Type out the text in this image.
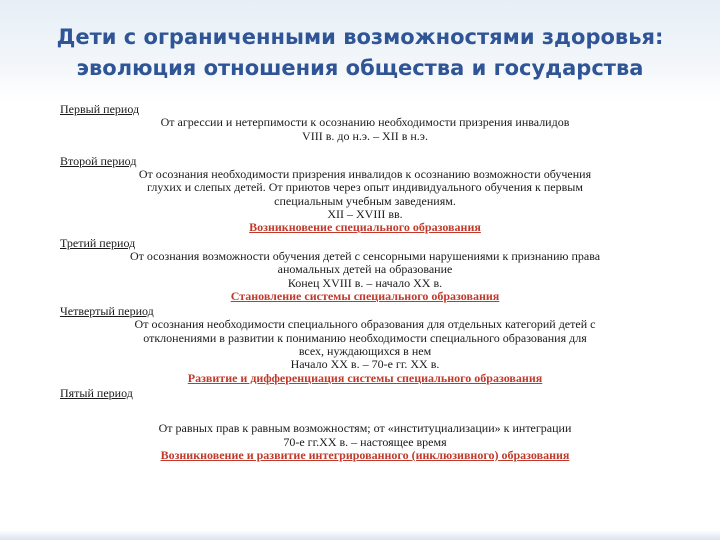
Дети с ограниченными возможностями здоровья:
эволюция отношения общества и государства
Первый период
От агрессии и нетерпимости к осознанию необходимости призрения инвалидов
VIII в. до н.э. – XII в н.э.
Второй период
От осознания необходимости призрения инвалидов к осознанию возможности обучения
глухих и слепых детей. От приютов через опыт индивидуального обучения к первым
специальным учебным заведениям.
XII – XVIII вв.
Возникновение специального образования
Третий период
От осознания возможности обучения детей с сенсорными нарушениями к признанию права
аномальных детей на образование
Конец XVIII в. – начало XX в.
Становление системы специального образования
Четвертый период
От осознания необходимости специального образования для отдельных категорий детей с
отклонениями в развитии к пониманию необходимости специального образования для
всех, нуждающихся в нем
Начало XX в. – 70-е гг. XX в.
Развитие и дифференциация системы специального образования
Пятый период
От равных прав к равным возможностям; от «институциализации» к интеграции
70-е гг.XX в. – настоящее время
Возникновение и развитие интегрированного (инклюзивного) образования
